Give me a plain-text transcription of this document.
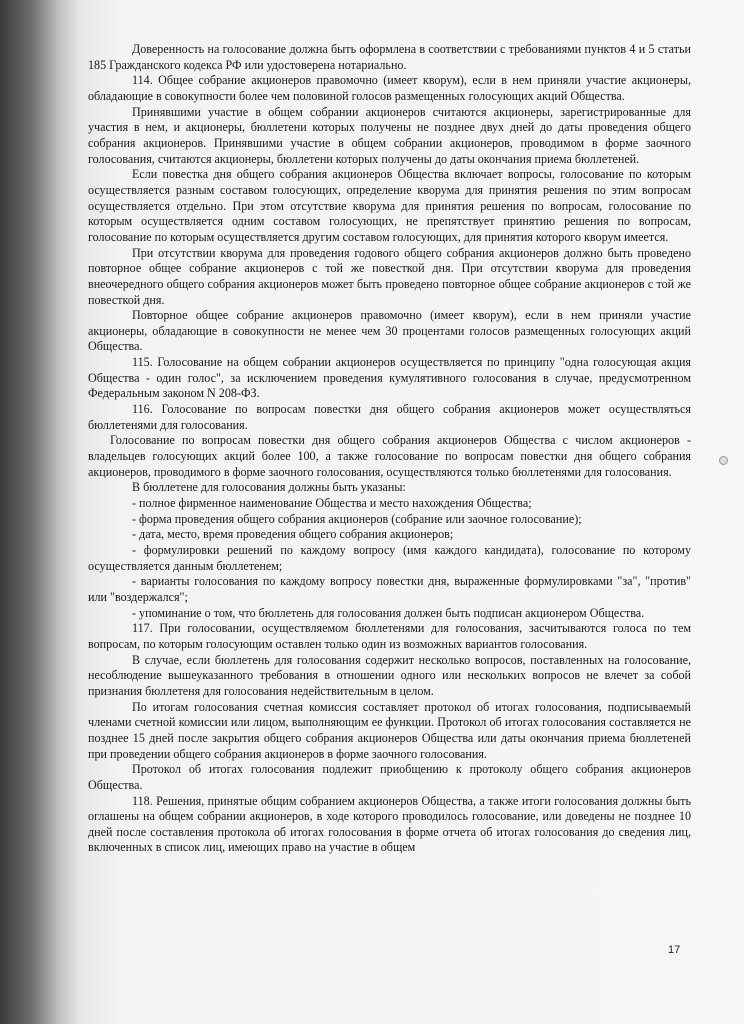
Доверенность на голосование должна быть оформлена в соответствии с требованиями пунктов 4 и 5 статьи 185 Гражданского кодекса РФ или удостоверена нотариально.

114. Общее собрание акционеров правомочно (имеет кворум), если в нем приняли участие акционеры, обладающие в совокупности более чем половиной голосов размещенных голосующих акций Общества.

Принявшими участие в общем собрании акционеров считаются акционеры, зарегистрированные для участия в нем, и акционеры, бюллетени которых получены не позднее двух дней до даты проведения общего собрания акционеров. Принявшими участие в общем собрании акционеров, проводимом в форме заочного голосования, считаются акционеры, бюллетени которых получены до даты окончания приема бюллетеней.

Если повестка дня общего собрания акционеров Общества включает вопросы, голосование по которым осуществляется разным составом голосующих, определение кворума для принятия решения по этим вопросам осуществляется отдельно. При этом отсутствие кворума для принятия решения по вопросам, голосование по которым осуществляется одним составом голосующих, не препятствует принятию решения по вопросам, голосование по которым осуществляется другим составом голосующих, для принятия которого кворум имеется.

При отсутствии кворума для проведения годового общего собрания акционеров должно быть проведено повторное общее собрание акционеров с той же повесткой дня. При отсутствии кворума для проведения внеочередного общего собрания акционеров может быть проведено повторное общее собрание акционеров с той же повесткой дня.

Повторное общее собрание акционеров правомочно (имеет кворум), если в нем приняли участие акционеры, обладающие в совокупности не менее чем 30 процентами голосов размещенных голосующих акций Общества.

115. Голосование на общем собрании акционеров осуществляется по принципу "одна голосующая акция Общества - один голос", за исключением проведения кумулятивного голосования в случае, предусмотренном Федеральным законом N 208-ФЗ.

116. Голосование по вопросам повестки дня общего собрания акционеров может осуществляться бюллетенями для голосования.

Голосование по вопросам повестки дня общего собрания акционеров Общества с числом акционеров - владельцев голосующих акций более 100, а также голосование по вопросам повестки дня общего собрания акционеров, проводимого в форме заочного голосования, осуществляются только бюллетенями для голосования.

В бюллетене для голосования должны быть указаны:

- полное фирменное наименование Общества и место нахождения Общества;

- форма проведения общего собрания акционеров (собрание или заочное голосование);

- дата, место, время проведения общего собрания акционеров;

- формулировки решений по каждому вопросу (имя каждого кандидата), голосование по которому осуществляется данным бюллетенем;

- варианты голосования по каждому вопросу повестки дня, выраженные формулировками "за", "против" или "воздержался";

- упоминание о том, что бюллетень для голосования должен быть подписан акционером Общества.

117. При голосовании, осуществляемом бюллетенями для голосования, засчитываются голоса по тем вопросам, по которым голосующим оставлен только один из возможных вариантов голосования.

В случае, если бюллетень для голосования содержит несколько вопросов, поставленных на голосование, несоблюдение вышеуказанного требования в отношении одного или нескольких вопросов не влечет за собой признания бюллетеня для голосования недействительным в целом.

По итогам голосования счетная комиссия составляет протокол об итогах голосования, подписываемый членами счетной комиссии или лицом, выполняющим ее функции. Протокол об итогах голосования составляется не позднее 15 дней после закрытия общего собрания акционеров Общества или даты окончания приема бюллетеней при проведении общего собрания акционеров в форме заочного голосования.

Протокол об итогах голосования подлежит приобщению к протоколу общего собрания акционеров Общества.

118. Решения, принятые общим собранием акционеров Общества, а также итоги голосования должны быть оглашены на общем собрании акционеров, в ходе которого проводилось голосование, или доведены не позднее 10 дней после составления протокола об итогах голосования в форме отчета об итогах голосования до сведения лиц, включенных в список лиц, имеющих право на участие в общем

17
